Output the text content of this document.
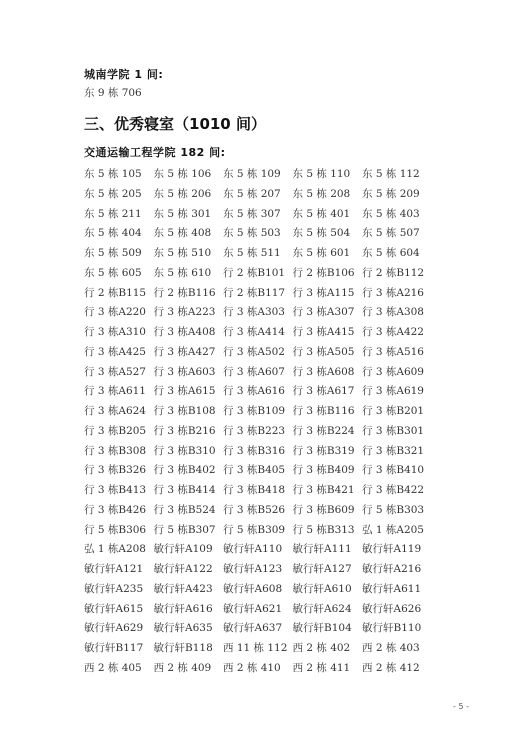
城南学院 1 间:
东 9 栋 706
三、优秀寝室（1010 间）
交通运输工程学院 182 间:
东 5 栋 105 东 5 栋 106 东 5 栋 109 东 5 栋 110 东 5 栋 112
东 5 栋 205 东 5 栋 206 东 5 栋 207 东 5 栋 208 东 5 栋 209
东 5 栋 211 东 5 栋 301 东 5 栋 307 东 5 栋 401 东 5 栋 403
东 5 栋 404 东 5 栋 408 东 5 栋 503 东 5 栋 504 东 5 栋 507
东 5 栋 509 东 5 栋 510 东 5 栋 511 东 5 栋 601 东 5 栋 604
东 5 栋 605 东 5 栋 610 行 2 栋B101 行 2 栋B106 行 2 栋B112
行 2 栋B115 行 2 栋B116 行 2 栋B117 行 3 栋A115 行 3 栋A216
行 3 栋A220 行 3 栋A223 行 3 栋A303 行 3 栋A307 行 3 栋A308
行 3 栋A310 行 3 栋A408 行 3 栋A414 行 3 栋A415 行 3 栋A422
行 3 栋A425 行 3 栋A427 行 3 栋A502 行 3 栋A505 行 3 栋A516
行 3 栋A527 行 3 栋A603 行 3 栋A607 行 3 栋A608 行 3 栋A609
行 3 栋A611 行 3 栋A615 行 3 栋A616 行 3 栋A617 行 3 栋A619
行 3 栋A624 行 3 栋B108 行 3 栋B109 行 3 栋B116 行 3 栋B201
行 3 栋B205 行 3 栋B216 行 3 栋B223 行 3 栋B224 行 3 栋B301
行 3 栋B308 行 3 栋B310 行 3 栋B316 行 3 栋B319 行 3 栋B321
行 3 栋B326 行 3 栋B402 行 3 栋B405 行 3 栋B409 行 3 栋B410
行 3 栋B413 行 3 栋B414 行 3 栋B418 行 3 栋B421 行 3 栋B422
行 3 栋B426 行 3 栋B524 行 3 栋B526 行 3 栋B609 行 5 栋B303
行 5 栋B306 行 5 栋B307 行 5 栋B309 行 5 栋B313 弘 1 栋A205
弘 1 栋A208 敏行轩A109 敏行轩A110 敏行轩A111 敏行轩A119
敏行轩A121 敏行轩A122 敏行轩A123 敏行轩A127 敏行轩A216
敏行轩A235 敏行轩A423 敏行轩A608 敏行轩A610 敏行轩A611
敏行轩A615 敏行轩A616 敏行轩A621 敏行轩A624 敏行轩A626
敏行轩A629 敏行轩A635 敏行轩A637 敏行轩B104 敏行轩B110
敏行轩B117 敏行轩B118 西 11 栋 112 西 2 栋 402 西 2 栋 403
西 2 栋 405 西 2 栋 409 西 2 栋 410 西 2 栋 411 西 2 栋 412
- 5 -
